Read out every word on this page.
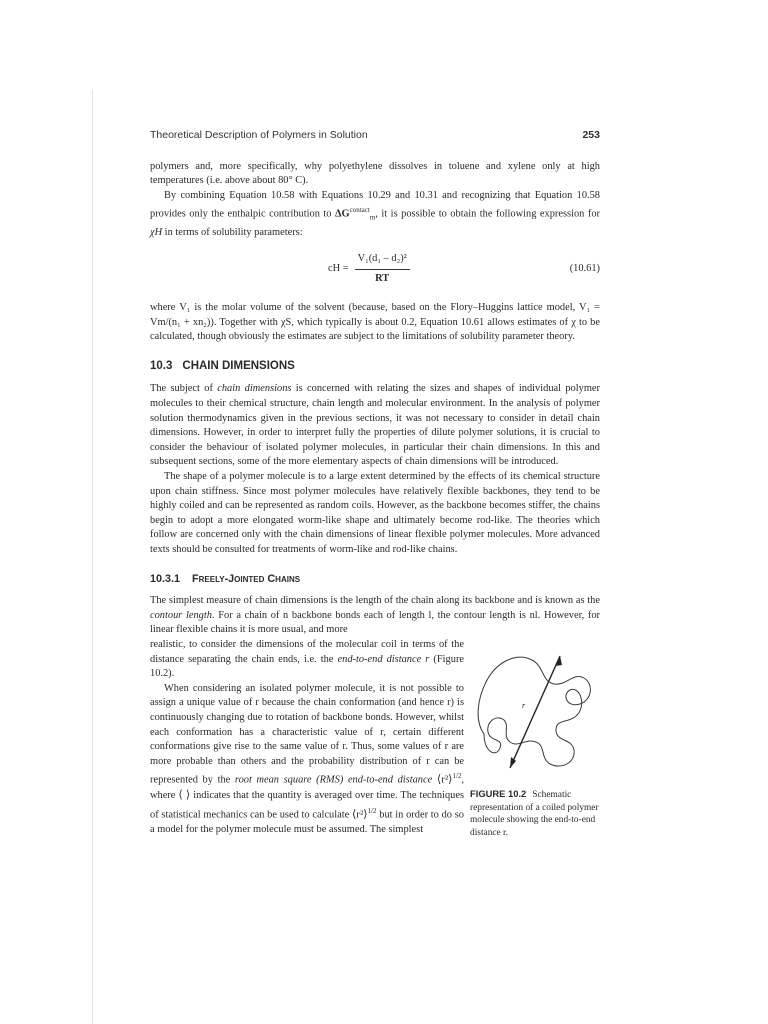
Theoretical Description of Polymers in Solution	253

polymers and, more specifically, why polyethylene dissolves in toluene and xylene only at high temperatures (i.e. above about 80° C).

By combining Equation 10.58 with Equations 10.29 and 10.31 and recognizing that Equation 10.58 provides only the enthalpic contribution to $\Delta G^{contact}_m$, it is possible to obtain the following expression for χH in terms of solubility parameters:

cH = $\frac{\text{V₁(d₁ – d₂)²}}{RT}$	(10.61)

where V₁ is the molar volume of the solvent (because, based on the Flory–Huggins lattice model, V₁ = Vm/(n₁ + xn₂)). Together with χS, which typically is about 0.2, Equation 10.61 allows estimates of χ to be calculated, though obviously the estimates are subject to the limitations of solubility parameter theory.

10.3 CHAIN DIMENSIONS

The subject of chain dimensions is concerned with relating the sizes and shapes of individual polymer molecules to their chemical structure, chain length and molecular environment. In the analysis of polymer solution thermodynamics given in the previous sections, it was not necessary to consider in detail chain dimensions. However, in order to interpret fully the properties of dilute polymer solutions, it is crucial to consider the behaviour of isolated polymer molecules, in particular their chain dimensions. In this and subsequent sections, some of the more elementary aspects of chain dimensions will be introduced.

The shape of a polymer molecule is to a large extent determined by the effects of its chemical structure upon chain stiffness. Since most polymer molecules have relatively flexible backbones, they tend to be highly coiled and can be represented as random coils. However, as the backbone becomes stiffer, the chains begin to adopt a more elongated worm-like shape and ultimately become rod-like. The theories which follow are concerned only with the chain dimensions of linear flexible polymer molecules. More advanced texts should be consulted for treatments of worm-like and rod-like chains.

10.3.1 Freely-Jointed Chains

The simplest measure of chain dimensions is the length of the chain along its backbone and is known as the contour length. For a chain of n backbone bonds each of length l, the contour length is nl. However, for linear flexible chains it is more usual, and more

realistic, to consider the dimensions of the molecular coil in terms of the distance separating the chain ends, i.e. the end-to-end distance r (Figure 10.2).

When considering an isolated polymer molecule, it is not possible to assign a unique value of r because the chain conformation (and hence r) is continuously changing due to rotation of backbone bonds. However, whilst each conformation has a characteristic value of r, certain different conformations give rise to the same value of r. Thus, some values of r are more probable than others and the probability distribution of r can be represented by the root mean square (RMS) end-to-end distance ⟨r²⟩$^{1/2}$, where ⟨ ⟩ indicates that the quantity is averaged over time. The techniques of statistical mechanics can be used to calculate ⟨r²⟩$^{1/2}$ but in order to do so a model for the polymer molecule must be assumed. The simplest

r
FIGURE 10.2 Schematic representation of a coiled polymer molecule showing the end-to-end distance r.
